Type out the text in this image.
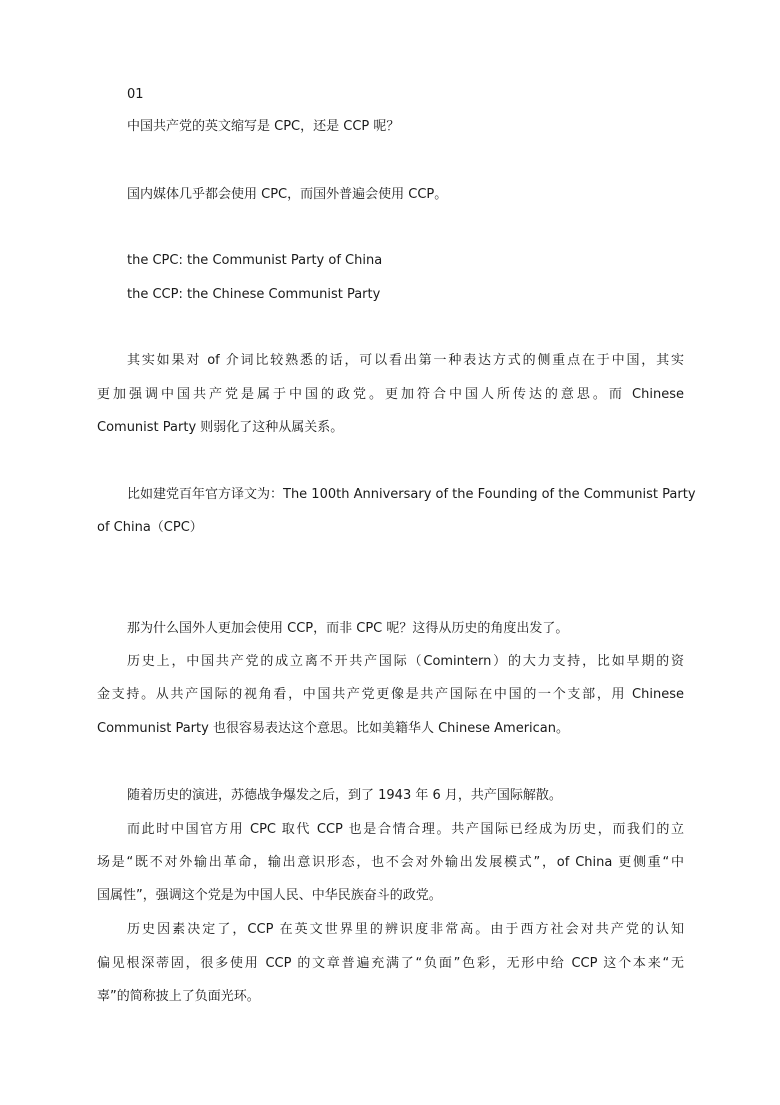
01

中国共产党的英文缩写是 CPC，还是 CCP 呢？

国内媒体几乎都会使用 CPC，而国外普遍会使用 CCP。

the CPC: the Communist Party of China

the CCP: the Chinese Communist Party

其实如果对 of 介词比较熟悉的话，可以看出第一种表达方式的侧重点在于中国，其实

更加强调中国共产党是属于中国的政党。更加符合中国人所传达的意思。而 Chinese

Comunist Party 则弱化了这种从属关系。

比如建党百年官方译文为：The 100th Anniversary of the Founding of the Communist Party

of China（CPC）

那为什么国外人更加会使用 CCP，而非 CPC 呢？这得从历史的角度出发了。

历史上，中国共产党的成立离不开共产国际（Comintern）的大力支持，比如早期的资

金支持。从共产国际的视角看，中国共产党更像是共产国际在中国的一个支部，用 Chinese

Communist Party 也很容易表达这个意思。比如美籍华人 Chinese American。

随着历史的演进，苏德战争爆发之后，到了 1943 年 6 月，共产国际解散。

而此时中国官方用 CPC 取代 CCP 也是合情合理。共产国际已经成为历史，而我们的立

场是“既不对外输出革命，输出意识形态，也不会对外输出发展模式”，of China 更侧重“中

国属性”，强调这个党是为中国人民、中华民族奋斗的政党。

历史因素决定了，CCP 在英文世界里的辨识度非常高。由于西方社会对共产党的认知

偏见根深蒂固，很多使用 CCP 的文章普遍充满了“负面”色彩，无形中给 CCP 这个本来“无

辜”的简称披上了负面光环。
